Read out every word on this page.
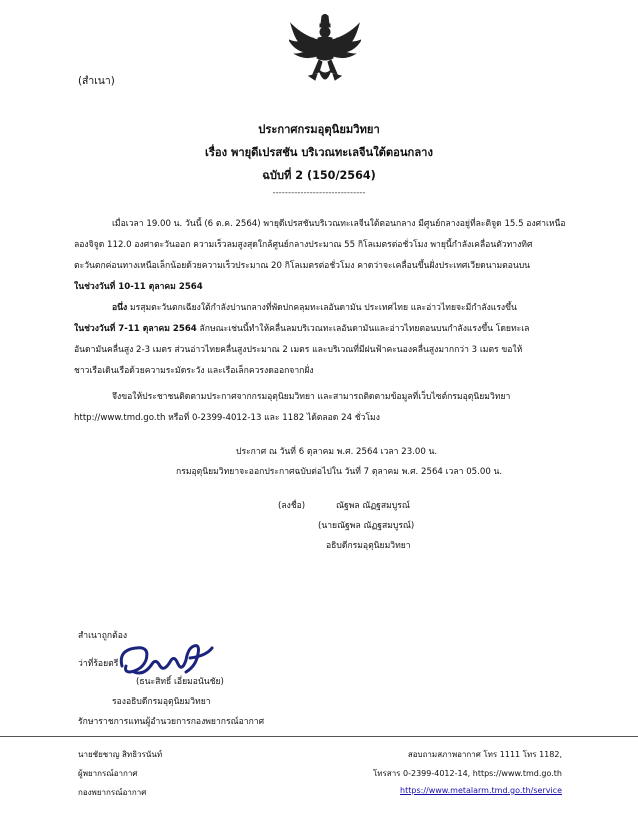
(สำเนา)
ประกาศกรมอุตุนิยมวิทยา
เรื่อง พายุดีเปรสชัน บริเวณทะเลจีนใต้ตอนกลาง
ฉบับที่ 2 (150/2564)
------------------------------
เมื่อเวลา 19.00 น. วันนี้ (6 ต.ค. 2564) พายุดีเปรสชันบริเวณทะเลจีนใต้ตอนกลาง มีศูนย์กลางอยู่ที่ละติจูด 15.5 องศาเหนือ
ลองจิจูด 112.0 องศาตะวันออก ความเร็วลมสูงสุดใกล้ศูนย์กลางประมาณ 55 กิโลเมตรต่อชั่วโมง พายุนี้กำลังเคลื่อนตัวทางทิศ
ตะวันตกค่อนทางเหนือเล็กน้อยด้วยความเร็วประมาณ 20 กิโลเมตรต่อชั่วโมง คาดว่าจะเคลื่อนขึ้นฝั่งประเทศเวียดนามตอนบน
ในช่วงวันที่ 10-11 ตุลาคม 2564
อนึ่ง มรสุมตะวันตกเฉียงใต้กำลังปานกลางที่พัดปกคลุมทะเลอันดามัน ประเทศไทย และอ่าวไทยจะมีกำลังแรงขึ้น
ในช่วงวันที่ 7-11 ตุลาคม 2564 ลักษณะเช่นนี้ทำให้คลื่นลมบริเวณทะเลอันดามันและอ่าวไทยตอนบนกำลังแรงขึ้น โดยทะเล
อันดามันคลื่นสูง 2-3 เมตร ส่วนอ่าวไทยคลื่นสูงประมาณ 2 เมตร และบริเวณที่มีฝนฟ้าคะนองคลื่นสูงมากกว่า 3 เมตร ขอให้
ชาวเรือเดินเรือด้วยความระมัดระวัง และเรือเล็กควรงดออกจากฝั่ง
จึงขอให้ประชาชนติดตามประกาศจากกรมอุตุนิยมวิทยา และสามารถติดตามข้อมูลที่เว็บไซต์กรมอุตุนิยมวิทยา
http://www.tmd.go.th หรือที่ 0-2399-4012-13 และ 1182 ได้ตลอด 24 ชั่วโมง
ประกาศ ณ วันที่ 6 ตุลาคม พ.ศ. 2564 เวลา 23.00 น.
กรมอุตุนิยมวิทยาจะออกประกาศฉบับต่อไปใน วันที่ 7 ตุลาคม พ.ศ. 2564 เวลา 05.00 น.
(ลงชื่อ)	ณัฐพล ณัฏฐสมบูรณ์
(นายณัฐพล ณัฏฐสมบูรณ์)
อธิบดีกรมอุตุนิยมวิทยา
สำเนาถูกต้อง
ว่าที่ร้อยตรี
(ธนะสิทธิ์ เอี่ยมอนันชัย)
รองอธิบดีกรมอุตุนิยมวิทยา
รักษาราชการแทนผู้อำนวยการกองพยากรณ์อากาศ
นายชัยชาญ สิทธิวรนันท์
ผู้พยากรณ์อากาศ
กองพยากรณ์อากาศ
สอบถามสภาพอากาศ โทร 1111 โทร 1182,
โทรสาร 0-2399-4012-14, https://www.tmd.go.th
https://www.metalarm.tmd.go.th/service
